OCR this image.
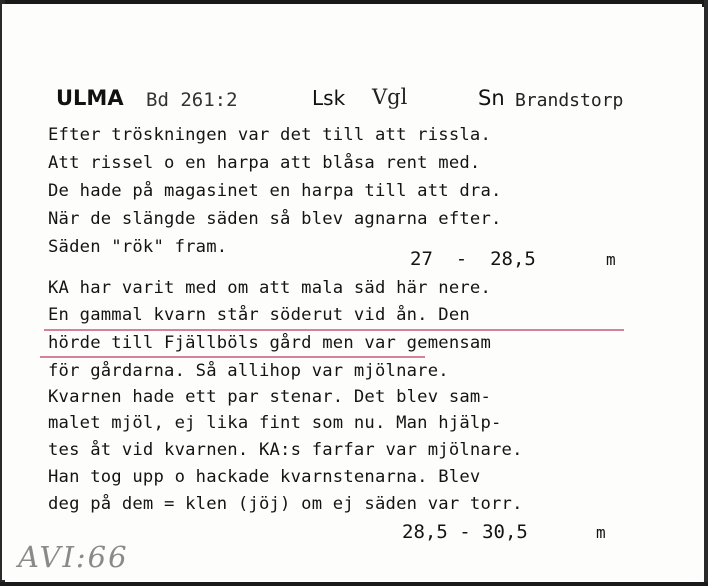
ULMA Bd 261:2	Lsk Vgl	Sn Brandstorp
Efter tröskningen var det till att rissla.
Att rissel o en harpa att blåsa rent med.
De hade på magasinet en harpa till att dra.
När de slängde säden så blev agnarna efter.
Säden "rök" fram.
27  -  28,5	m
KA har varit med om att mala säd här nere.
En gammal kvarn står söderut vid ån. Den
hörde till Fjällböls gård men var gemensam
för gårdarna. Så allihop var mjölnare.
Kvarnen hade ett par stenar. Det blev sam-
malet mjöl, ej lika fint som nu. Man hjälp-
tes åt vid kvarnen. KA:s farfar var mjölnare.
Han tog upp o hackade kvarnstenarna. Blev
deg på dem = klen (jöj) om ej säden var torr.
28,5 - 30,5	m
AVI:66
